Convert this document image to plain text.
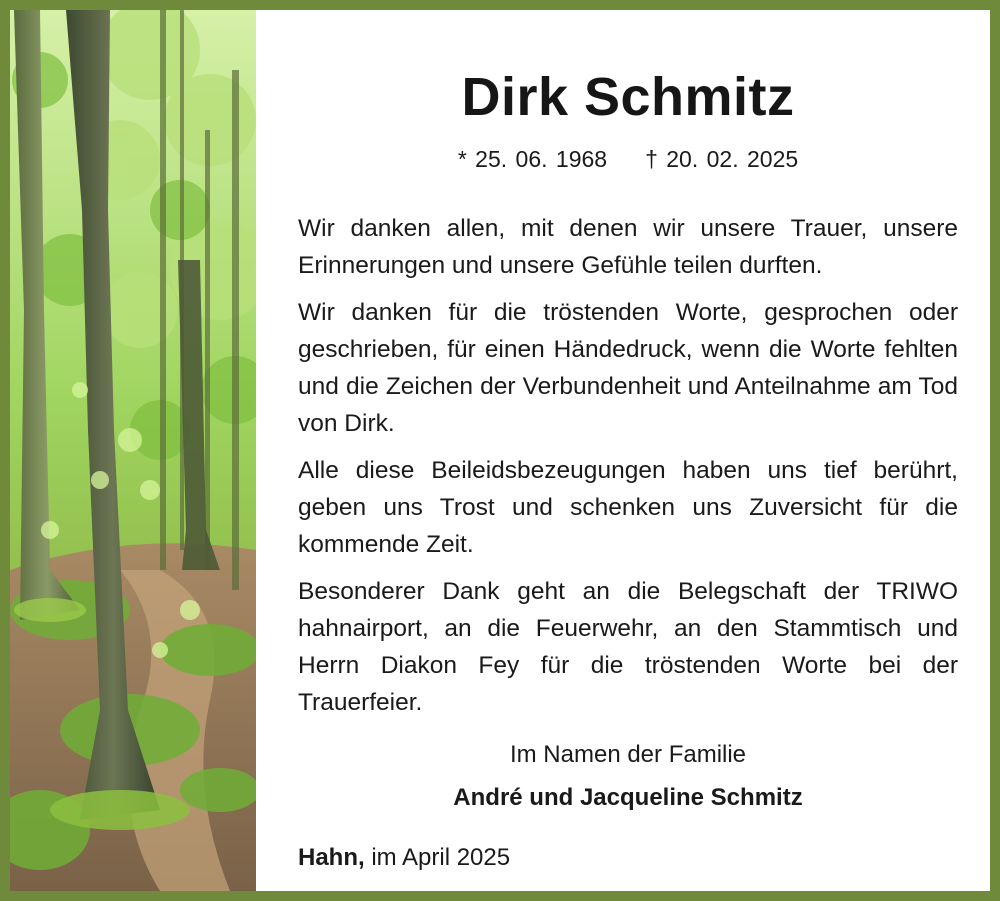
Dirk Schmitz
* 25. 06. 1968 † 20. 02. 2025
Wir danken allen, mit denen wir unsere Trauer, unsere Erinnerungen und unsere Gefühle teilen durften.
Wir danken für die tröstenden Worte, gesprochen oder geschrieben, für einen Händedruck, wenn die Worte fehlten und die Zeichen der Verbundenheit und Anteilnahme am Tod von Dirk.
Alle diese Beileidsbezeugungen haben uns tief berührt, geben uns Trost und schenken uns Zuversicht für die kommende Zeit.
Besonderer Dank geht an die Belegschaft der TRIWO hahnairport, an die Feuerwehr, an den Stammtisch und Herrn Diakon Fey für die tröstenden Worte bei der Trauerfeier.
Im Namen der Familie
André und Jacqueline Schmitz
Hahn, im April 2025
